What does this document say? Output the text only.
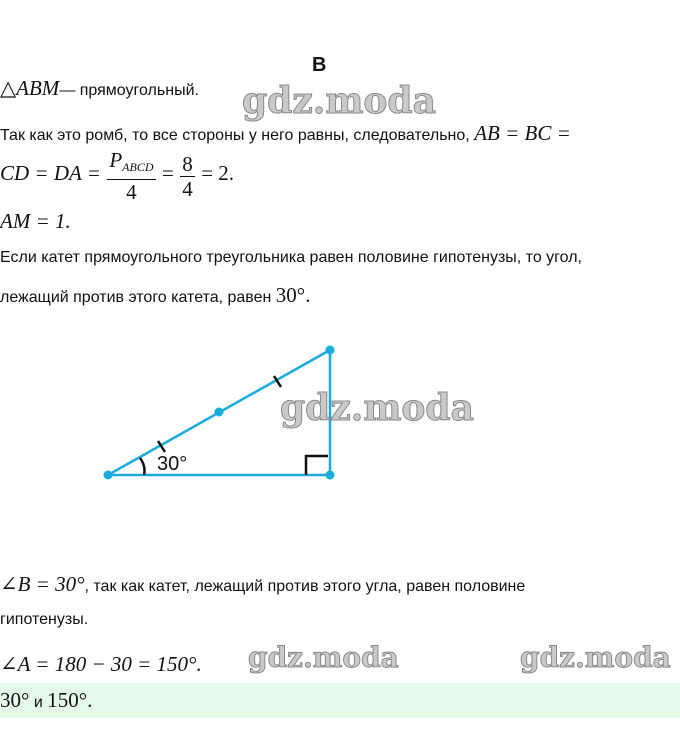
B
△ABM— прямоугольный. gdz.moda
Так как это ромб, то все стороны у него равны, следовательно, AB = BC =
CD = DA = $\frac{P_{ABCD}}{4} = \frac{8}{4} = 2$.
AM = 1.
Если катет прямоугольного треугольника равен половине гипотенузы, то угол,
лежащий против этого катета, равен 30°.
30°
gdz.moda
∠B = 30°, так как катет, лежащий против этого угла, равен половине
гипотенузы.
∠A = 180 − 30 = 150°. gdz.moda	gdz.moda
30° и 150°.
